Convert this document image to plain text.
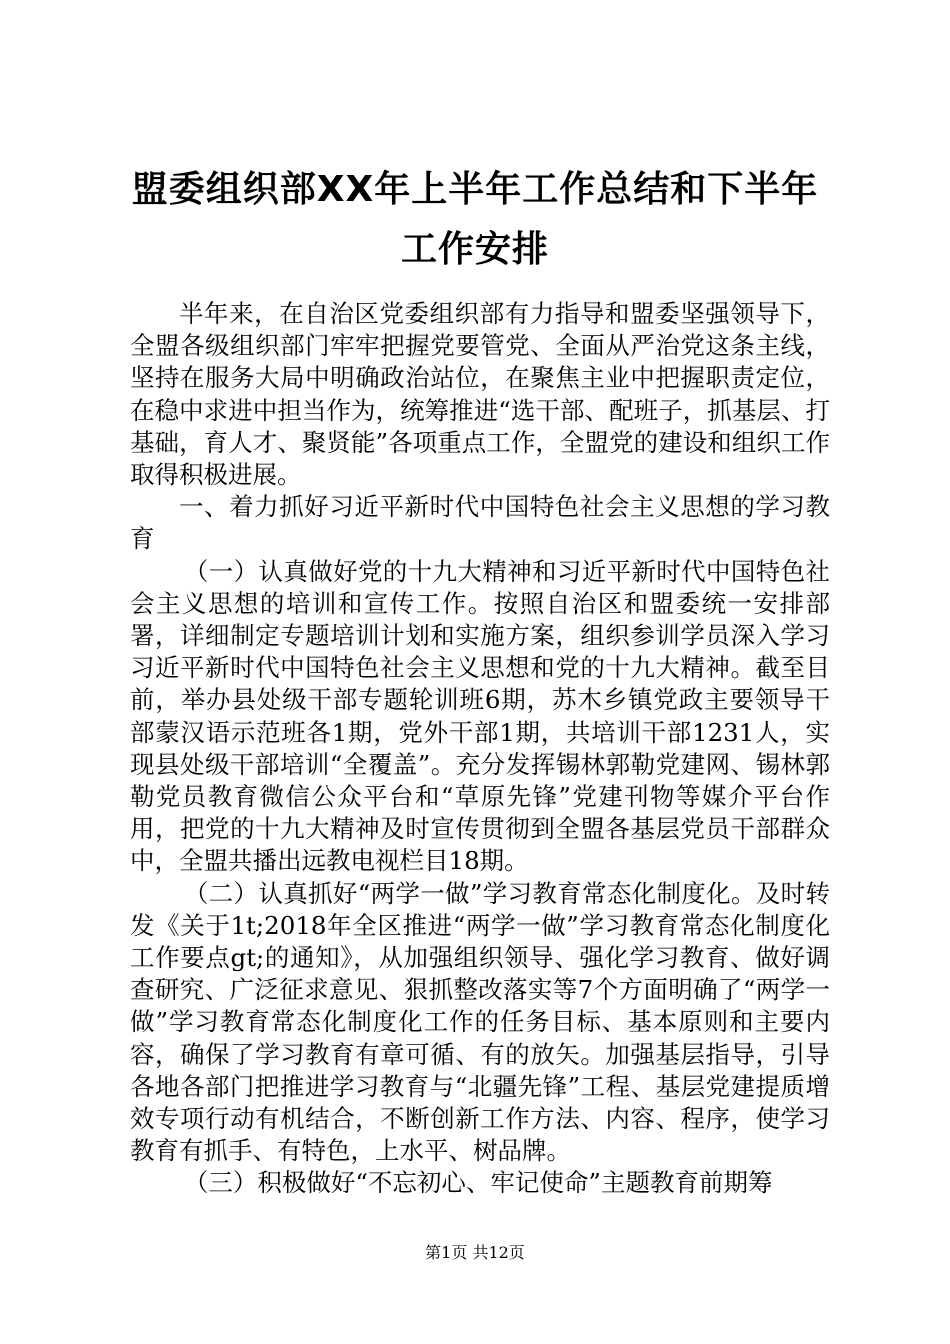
盟委组织部XX年上半年工作总结和下半年工作安排

半年来，在自治区党委组织部有力指导和盟委坚强领导下，全盟各级组织部门牢牢把握党要管党、全面从严治党这条主线，坚持在服务大局中明确政治站位，在聚焦主业中把握职责定位，在稳中求进中担当作为，统筹推进“选干部、配班子，抓基层、打基础，育人才、聚贤能”各项重点工作，全盟党的建设和组织工作取得积极进展。

一、着力抓好习近平新时代中国特色社会主义思想的学习教育

（一）认真做好党的十九大精神和习近平新时代中国特色社会主义思想的培训和宣传工作。按照自治区和盟委统一安排部署，详细制定专题培训计划和实施方案，组织参训学员深入学习习近平新时代中国特色社会主义思想和党的十九大精神。截至目前，举办县处级干部专题轮训班6期，苏木乡镇党政主要领导干部蒙汉语示范班各1期，党外干部1期，共培训干部1231人，实现县处级干部培训“全覆盖”。充分发挥锡林郭勒党建网、锡林郭勒党员教育微信公众平台和“草原先锋”党建刊物等媒介平台作用，把党的十九大精神及时宣传贯彻到全盟各基层党员干部群众中，全盟共播出远教电视栏目18期。

（二）认真抓好“两学一做”学习教育常态化制度化。及时转发《关于1t;2018年全区推进“两学一做”学习教育常态化制度化工作要点gt;的通知》，从加强组织领导、强化学习教育、做好调查研究、广泛征求意见、狠抓整改落实等7个方面明确了“两学一做”学习教育常态化制度化工作的任务目标、基本原则和主要内容，确保了学习教育有章可循、有的放矢。加强基层指导，引导各地各部门把推进学习教育与“北疆先锋”工程、基层党建提质增效专项行动有机结合，不断创新工作方法、内容、程序，使学习教育有抓手、有特色，上水平、树品牌。

（三）积极做好“不忘初心、牢记使命”主题教育前期筹

第1页 共12页
